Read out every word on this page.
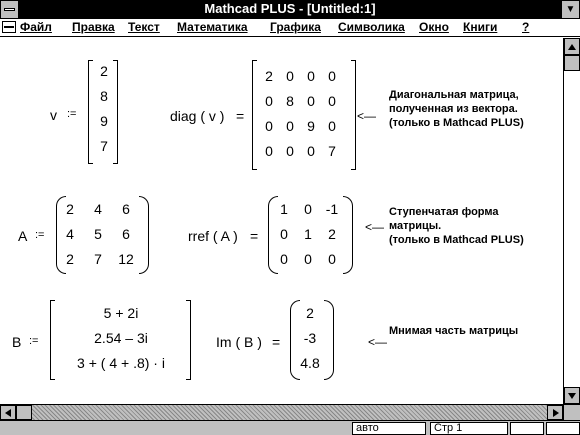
Mathcad PLUS - [Untitled:1]	▼
Файл Правка Текст Математика Графика Символика Окно Книги ?
v :=
2
8
9
7
diag ( v ) =
2 0 0 0
0 8 0 0
0 0 9 0
0 0 0 7
<—
Диагональная матрица,
полученная из вектора.
(только в Mathcad PLUS)
A :=
2	4	6
4	5	6
2	7	12
rref ( A ) =
1	0 -1
0	1	2
0	0	0
<—
Ступенчатая форма
матрицы.
(только в Mathcad PLUS)
B :=
5 + 2i
2.54 – 3i
3 + ( 4 + .8) · i
Im ( B ) =
2
-3
4.8
<—
Мнимая часть матрицы
авто	Стр 1
